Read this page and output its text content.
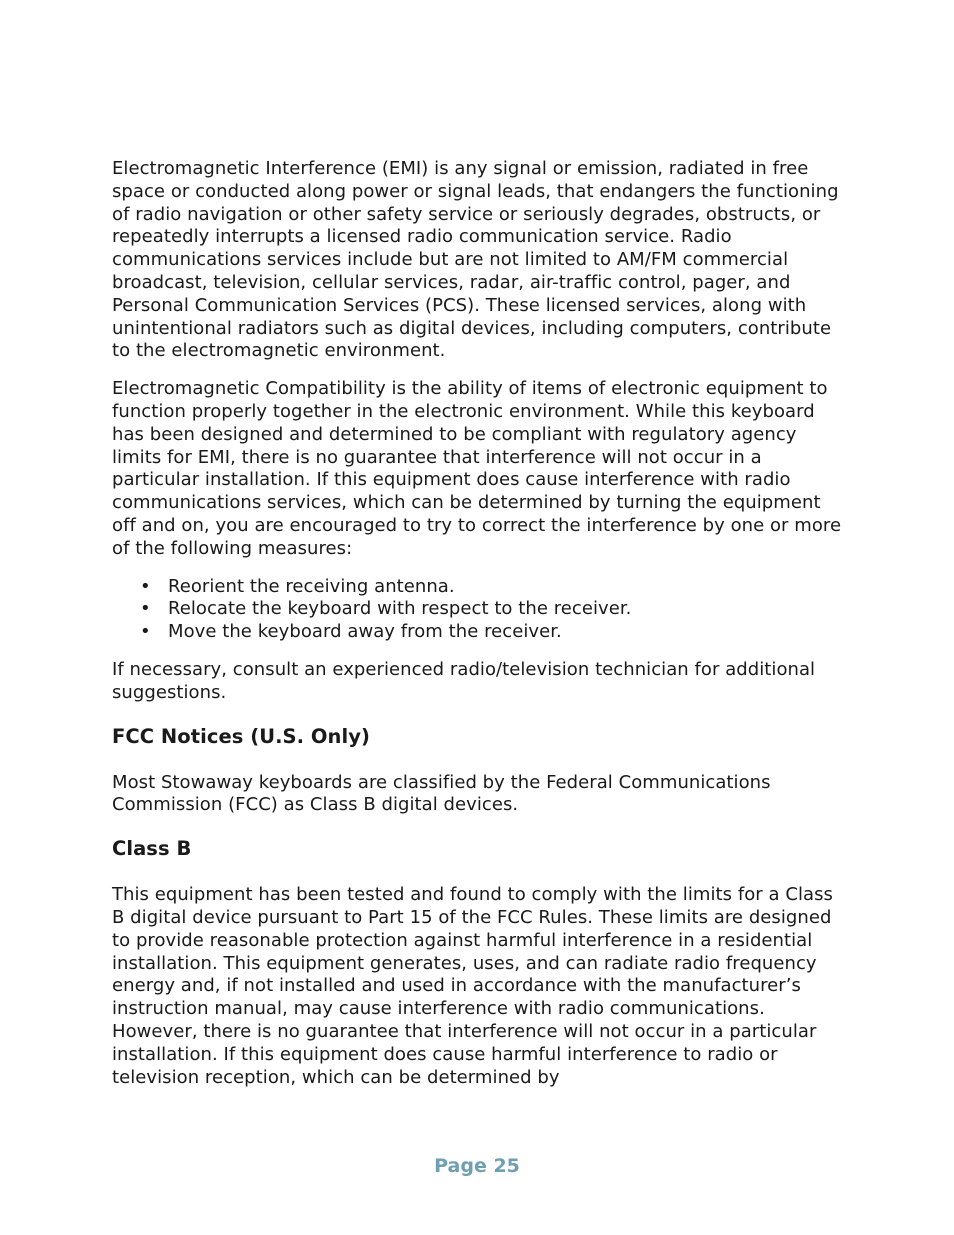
Electromagnetic Interference (EMI) is any signal or emission, radiated in free space or conducted along power or signal leads, that endangers the functioning of radio navigation or other safety service or seriously degrades, obstructs, or repeatedly interrupts a licensed radio communication service. Radio communications services include but are not limited to AM/FM commercial broadcast, television, cellular services, radar, air-traffic control, pager, and Personal Communication Services (PCS). These licensed services, along with unintentional radiators such as digital devices, including computers, contribute to the electromagnetic environment.

Electromagnetic Compatibility is the ability of items of electronic equipment to function properly together in the electronic environment. While this keyboard has been designed and determined to be compliant with regulatory agency limits for EMI, there is no guarantee that interference will not occur in a particular installation. If this equipment does cause interference with radio communications services, which can be determined by turning the equipment off and on, you are encouraged to try to correct the interference by one or more of the following measures:

• Reorient the receiving antenna.
• Relocate the keyboard with respect to the receiver.
• Move the keyboard away from the receiver.

If necessary, consult an experienced radio/television technician for additional suggestions.

FCC Notices (U.S. Only)

Most Stowaway keyboards are classified by the Federal Communications Commission (FCC) as Class B digital devices.

Class B

This equipment has been tested and found to comply with the limits for a Class B digital device pursuant to Part 15 of the FCC Rules. These limits are designed to provide reasonable protection against harmful interference in a residential installation. This equipment generates, uses, and can radiate radio frequency energy and, if not installed and used in accordance with the manufacturer’s instruction manual, may cause interference with radio communications. However, there is no guarantee that interference will not occur in a particular installation. If this equipment does cause harmful interference to radio or television reception, which can be determined by

Page 25
